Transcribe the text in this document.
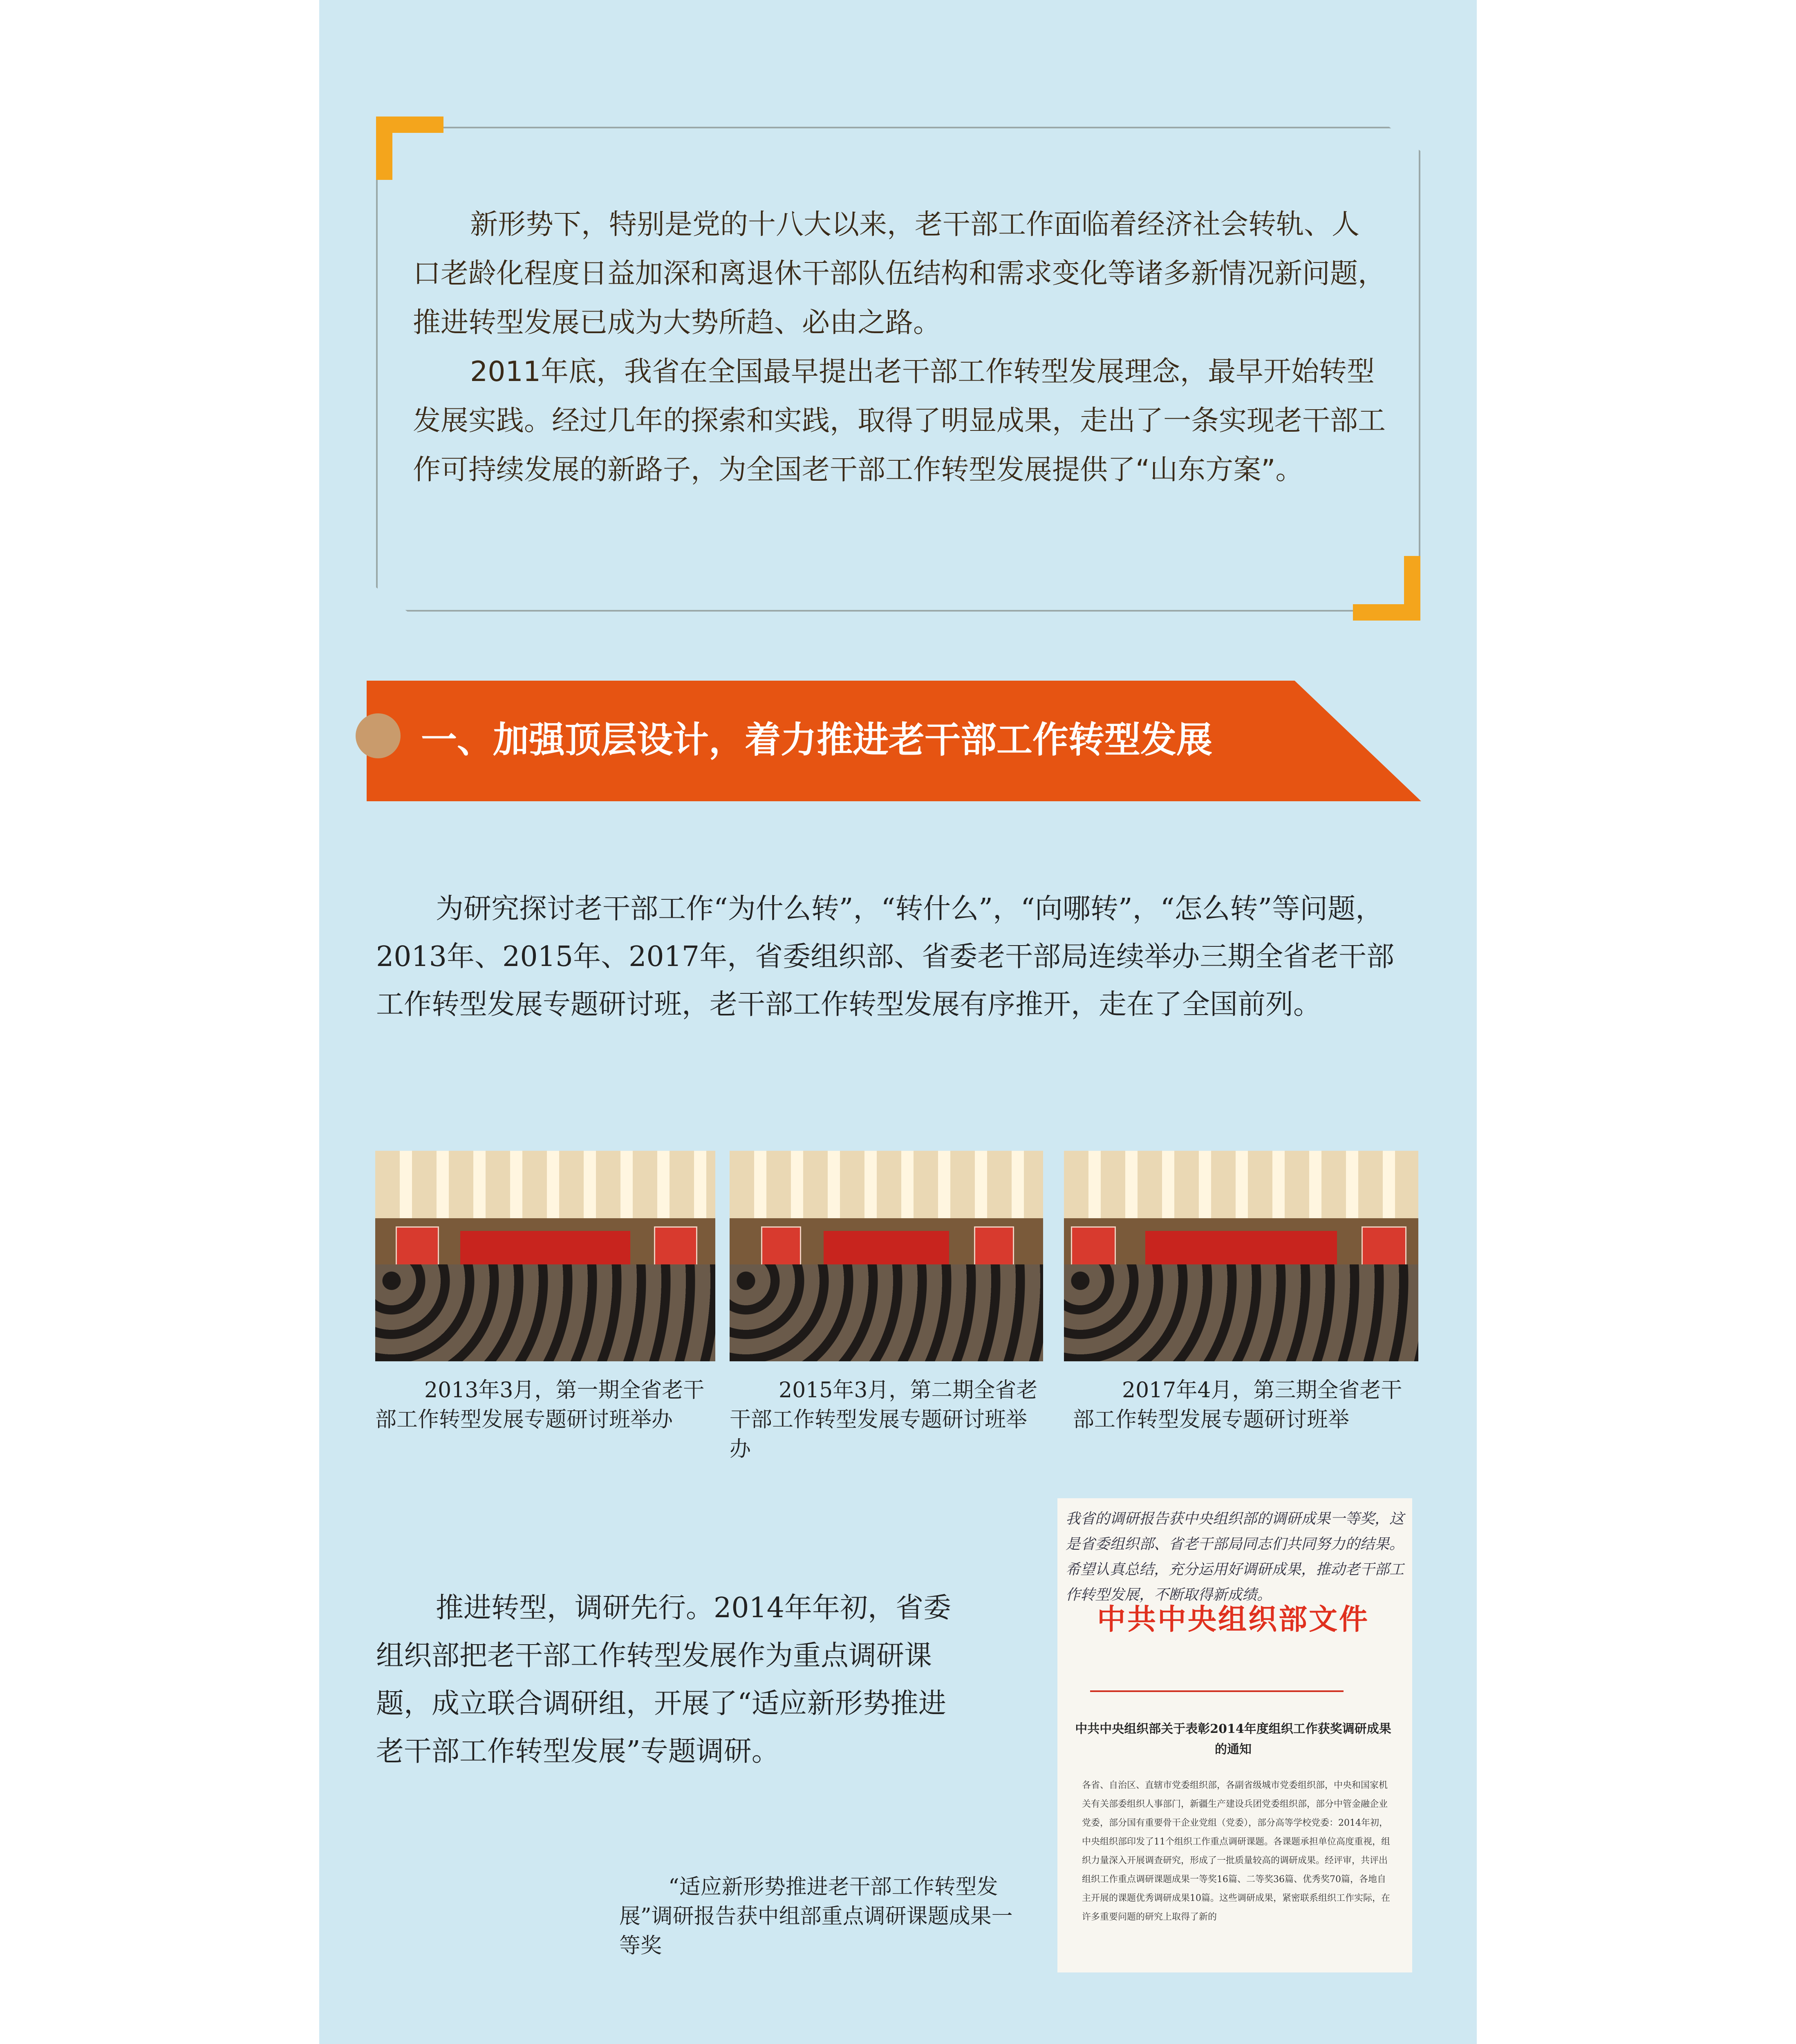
新形势下，特别是党的十八大以来，老干部工作面临着经济社会转轨、人口老龄化程度日益加深和离退休干部队伍结构和需求变化等诸多新情况新问题，推进转型发展已成为大势所趋、必由之路。

2011年底，我省在全国最早提出老干部工作转型发展理念，最早开始转型发展实践。经过几年的探索和实践，取得了明显成果，走出了一条实现老干部工作可持续发展的新路子，为全国老干部工作转型发展提供了“山东方案”。

一、加强顶层设计，着力推进老干部工作转型发展

为研究探讨老干部工作“为什么转”，“转什么”，“向哪转”，“怎么转”等问题，2013年、2015年、2017年，省委组织部、省委老干部局连续举办三期全省老干部工作转型发展专题研讨班，老干部工作转型发展有序推开，走在了全国前列。

2013年3月，第一期全省老干部工作转型发展专题研讨班举办

2015年3月，第二期全省老干部工作转型发展专题研讨班举办

2017年4月，第三期全省老干部工作转型发展专题研讨班举

推进转型，调研先行。2014年年初，省委组织部把老干部工作转型发展作为重点调研课题，成立联合调研组，开展了“适应新形势推进老干部工作转型发展”专题调研。

“适应新形势推进老干部工作转型发展”调研报告获中组部重点调研课题成果一等奖

我省的调研报告获中央组织部的调研成果一等奖，这是省委组织部、省老干部局同志们共同努力的结果。希望认真总结，充分运用好调研成果，推动老干部工作转型发展，不断取得新成绩。
中共中央组织部文件
中共中央组织部关于表彰2014年度组织工作获奖调研成果的通知
各省、自治区、直辖市党委组织部，各副省级城市党委组织部，中央和国家机关有关部委组织人事部门，新疆生产建设兵团党委组织部，部分中管金融企业党委，部分国有重要骨干企业党组（党委），部分高等学校党委：2014年初，中央组织部印发了11个组织工作重点调研课题。各课题承担单位高度重视，组织力量深入开展调查研究，形成了一批质量较高的调研成果。经评审，共评出组织工作重点调研课题成果一等奖16篇、二等奖36篇、优秀奖70篇，各地自主开展的课题优秀调研成果10篇。这些调研成果，紧密联系组织工作实际，在许多重要问题的研究上取得了新的
